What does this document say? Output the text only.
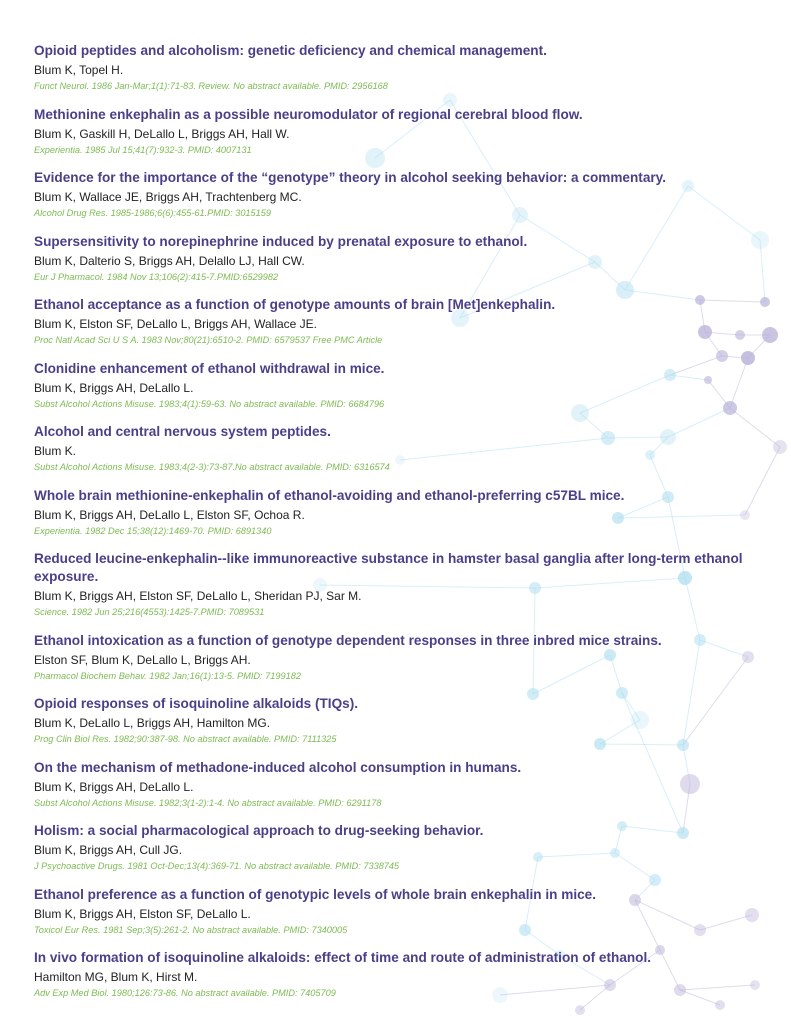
Opioid peptides and alcoholism: genetic deficiency and chemical management.
Blum K, Topel H.
Funct Neurol. 1986 Jan-Mar;1(1):71-83. Review. No abstract available. PMID: 2956168
Methionine enkephalin as a possible neuromodulator of regional cerebral blood flow.
Blum K, Gaskill H, DeLallo L, Briggs AH, Hall W.
Experientia. 1985 Jul 15;41(7):932-3. PMID: 4007131
Evidence for the importance of the “genotype” theory in alcohol seeking behavior: a commentary.
Blum K, Wallace JE, Briggs AH, Trachtenberg MC.
Alcohol Drug Res. 1985-1986;6(6):455-61.PMID: 3015159
Supersensitivity to norepinephrine induced by prenatal exposure to ethanol.
Blum K, Dalterio S, Briggs AH, Delallo LJ, Hall CW.
Eur J Pharmacol. 1984 Nov 13;106(2):415-7.PMID:6529982
Ethanol acceptance as a function of genotype amounts of brain [Met]enkephalin.
Blum K, Elston SF, DeLallo L, Briggs AH, Wallace JE.
Proc Natl Acad Sci U S A. 1983 Nov;80(21):6510-2. PMID: 6579537 Free PMC Article
Clonidine enhancement of ethanol withdrawal in mice.
Blum K, Briggs AH, DeLallo L.
Subst Alcohol Actions Misuse. 1983;4(1):59-63. No abstract available. PMID: 6684796
Alcohol and central nervous system peptides.
Blum K.
Subst Alcohol Actions Misuse. 1983;4(2-3):73-87.No abstract available. PMID: 6316574
Whole brain methionine-enkephalin of ethanol-avoiding and ethanol-preferring c57BL mice.
Blum K, Briggs AH, DeLallo L, Elston SF, Ochoa R.
Experientia. 1982 Dec 15;38(12):1469-70. PMID: 6891340
Reduced leucine-enkephalin--like immunoreactive substance in hamster basal ganglia after long-term ethanol exposure.
Blum K, Briggs AH, Elston SF, DeLallo L, Sheridan PJ, Sar M.
Science. 1982 Jun 25;216(4553):1425-7.PMID: 7089531
Ethanol intoxication as a function of genotype dependent responses in three inbred mice strains.
Elston SF, Blum K, DeLallo L, Briggs AH.
Pharmacol Biochem Behav. 1982 Jan;16(1):13-5. PMID: 7199182
Opioid responses of isoquinoline alkaloids (TIQs).
Blum K, DeLallo L, Briggs AH, Hamilton MG.
Prog Clin Biol Res. 1982;90:387-98. No abstract available. PMID: 7111325
On the mechanism of methadone-induced alcohol consumption in humans.
Blum K, Briggs AH, DeLallo L.
Subst Alcohol Actions Misuse. 1982;3(1-2):1-4. No abstract available. PMID: 6291178
Holism: a social pharmacological approach to drug-seeking behavior.
Blum K, Briggs AH, Cull JG.
J Psychoactive Drugs. 1981 Oct-Dec;13(4):369-71. No abstract available. PMID: 7338745
Ethanol preference as a function of genotypic levels of whole brain enkephalin in mice.
Blum K, Briggs AH, Elston SF, DeLallo L.
Toxicol Eur Res. 1981 Sep;3(5):261-2. No abstract available. PMID: 7340005
In vivo formation of isoquinoline alkaloids: effect of time and route of administration of ethanol.
Hamilton MG, Blum K, Hirst M.
Adv Exp Med Biol. 1980;126:73-86. No abstract available. PMID: 7405709
